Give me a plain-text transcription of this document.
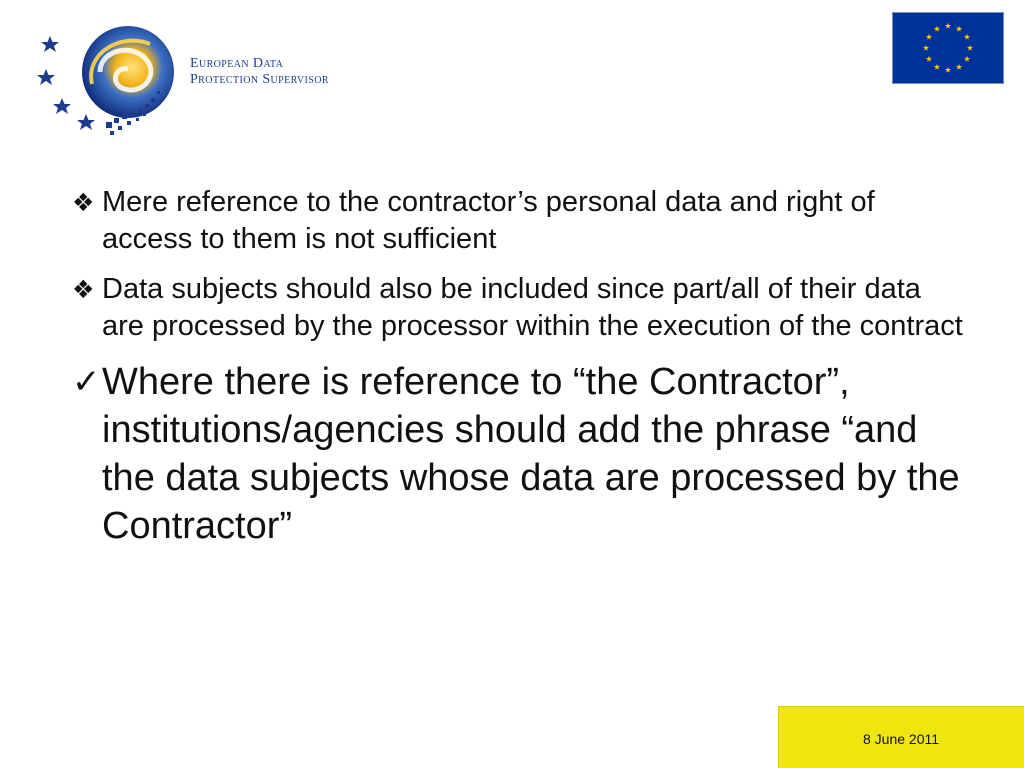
European Data
Protection Supervisor
❖ Mere reference to the contractor’s personal data and right of access to them is not sufficient
❖ Data subjects should also be included since part/all of their data are processed by the processor within the execution of the contract
✓ Where there is reference to “the Contractor”, institutions/agencies should add the phrase “and the data subjects whose data are processed by the Contractor”
8 June 2011
